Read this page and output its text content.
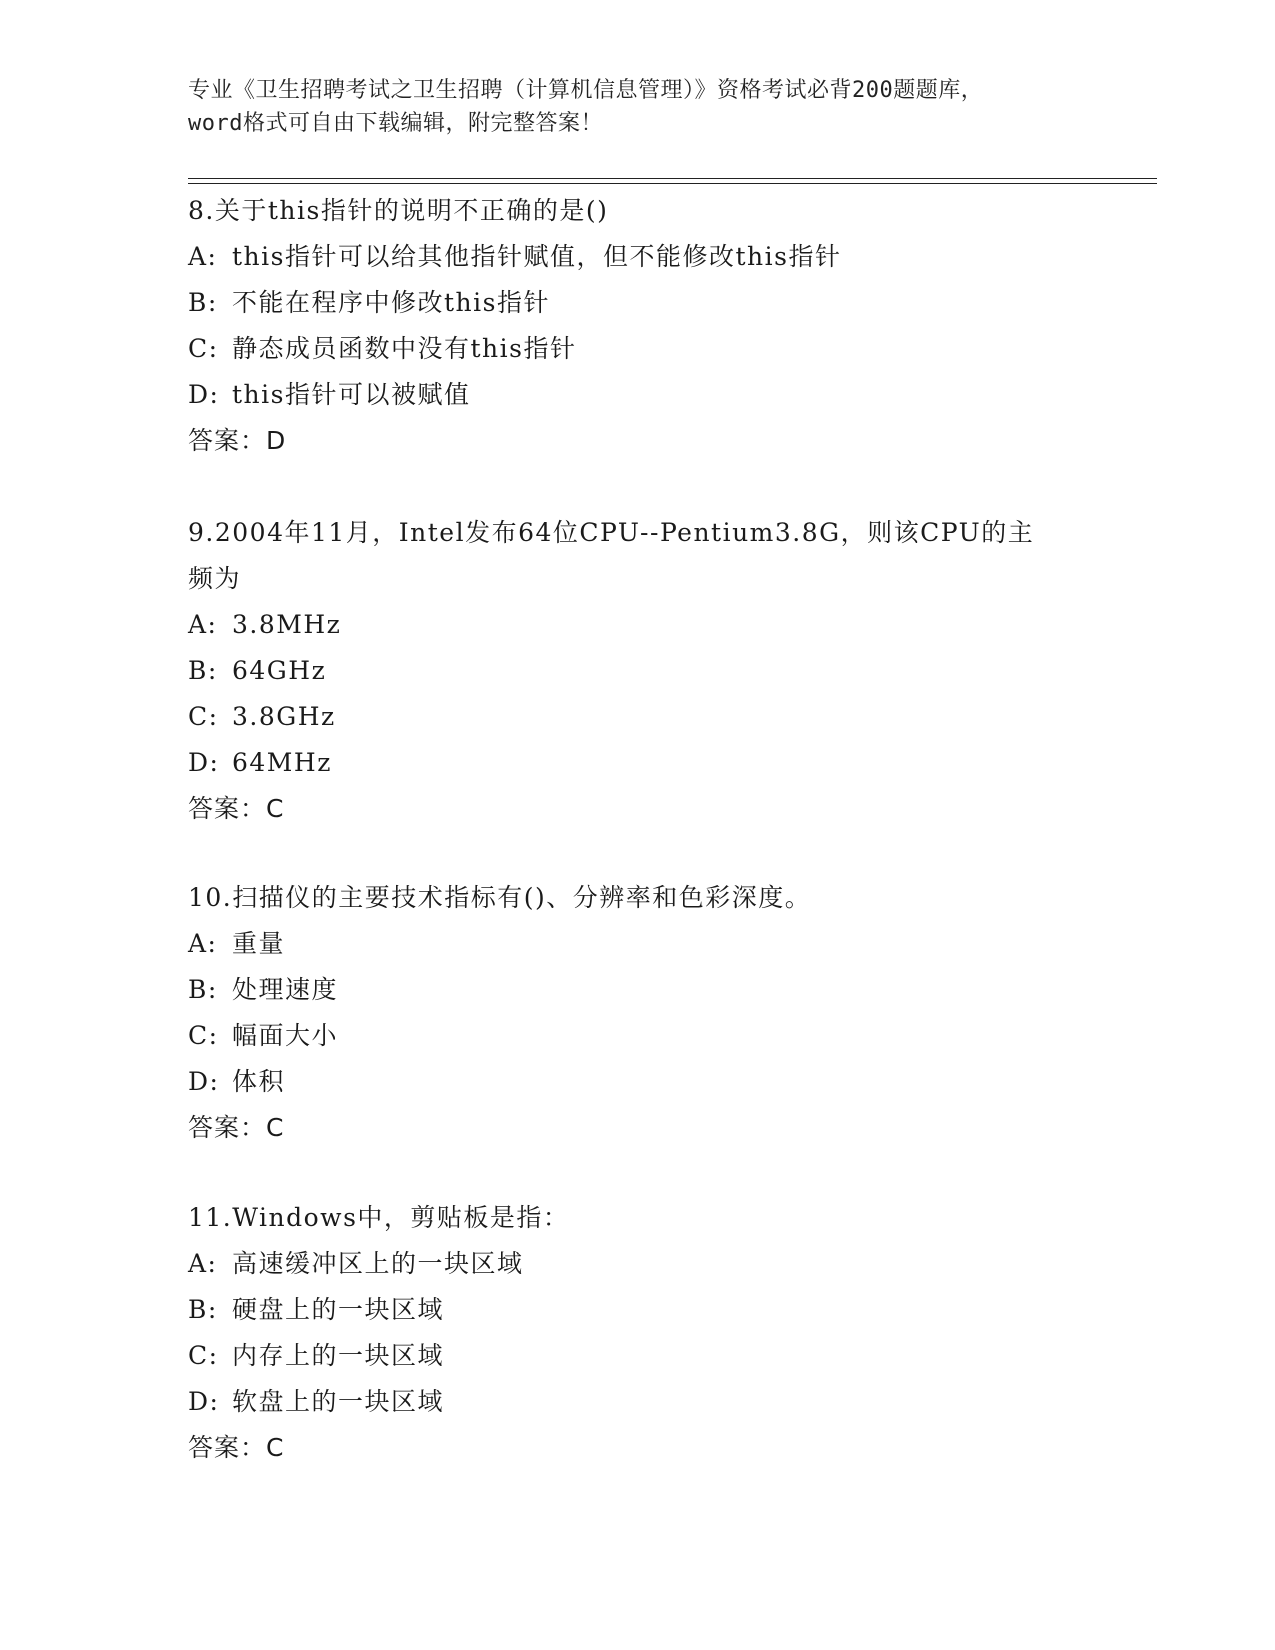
专业《卫生招聘考试之卫生招聘（计算机信息管理）》资格考试必背200题题库，
word格式可自由下载编辑，附完整答案！
8.关于this指针的说明不正确的是()
A: this指针可以给其他指针赋值，但不能修改this指针
B: 不能在程序中修改this指针
C: 静态成员函数中没有this指针
D: this指针可以被赋值
答案：D
9.2004年11月，Intel发布64位CPU--Pentium3.8G，则该CPU的主
频为
A: 3.8MHz
B: 64GHz
C: 3.8GHz
D: 64MHz
答案：C
10.扫描仪的主要技术指标有()、分辨率和色彩深度。
A: 重量
B: 处理速度
C: 幅面大小
D: 体积
答案：C
11.Windows中，剪贴板是指：
A: 高速缓冲区上的一块区域
B: 硬盘上的一块区域
C: 内存上的一块区域
D: 软盘上的一块区域
答案：C
